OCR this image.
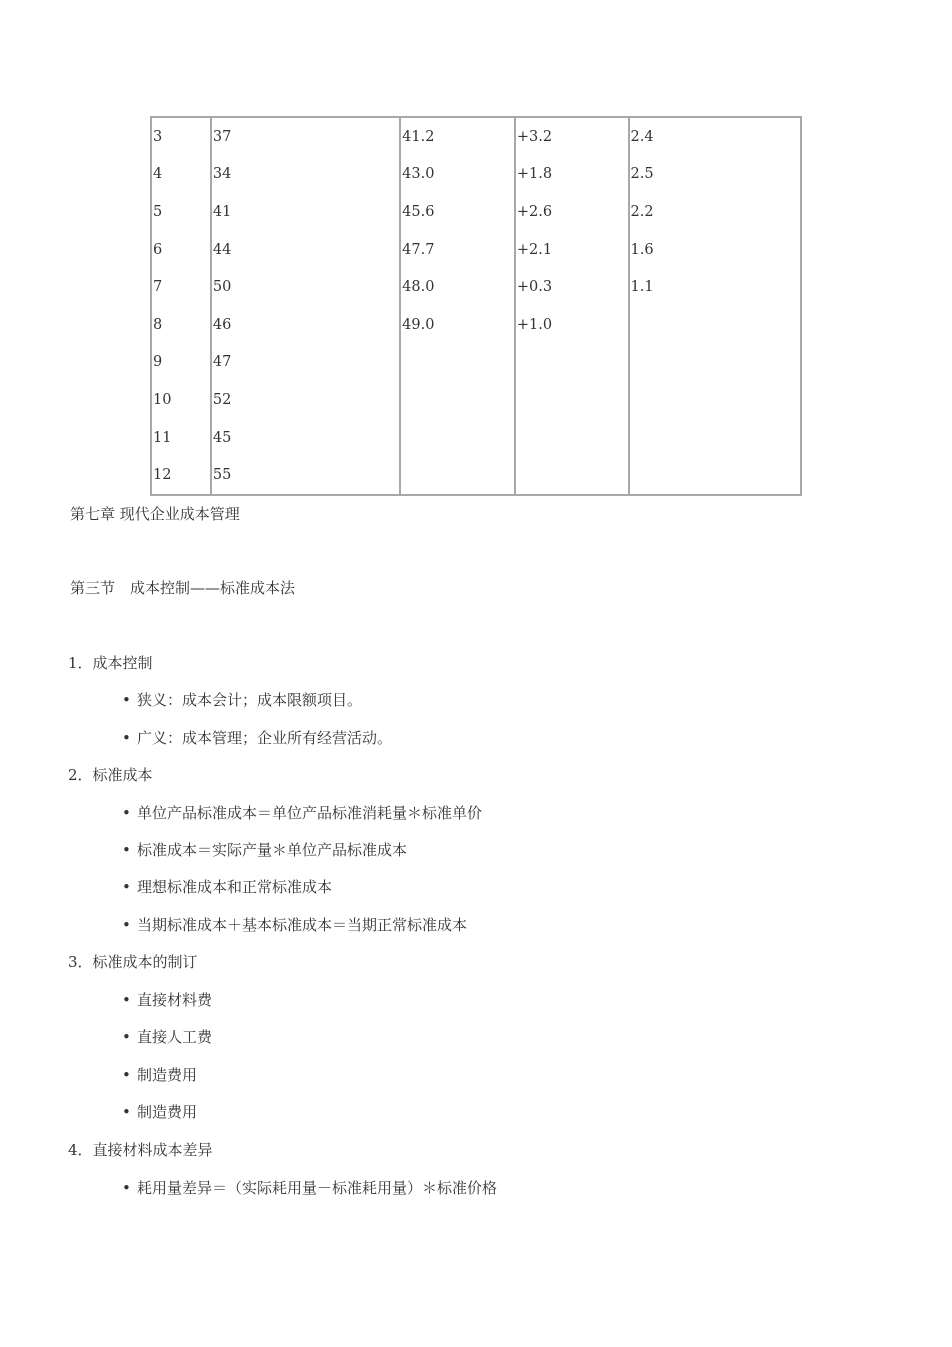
3	37	41.2	+3.2	2.4
4	34	43.0	+1.8	2.5
5	41	45.6	+2.6	2.2
6	44	47.7	+2.1	1.6
7	50	48.0	+0.3	1.1
8	46	49.0	+1.0	
9	47			
10	52			
11	45			
12	55			
第七章 现代企业成本管理
第三节　成本控制——标准成本法
1．成本控制
• 狭义：成本会计；成本限额项目。
• 广义：成本管理；企业所有经营活动。
2．标准成本
• 单位产品标准成本＝单位产品标准消耗量＊标准单价
• 标准成本＝实际产量＊单位产品标准成本
• 理想标准成本和正常标准成本
• 当期标准成本＋基本标准成本＝当期正常标准成本
3．标准成本的制订
• 直接材料费
• 直接人工费
• 制造费用
• 制造费用
4．直接材料成本差异
• 耗用量差异＝（实际耗用量－标准耗用量）＊标准价格
